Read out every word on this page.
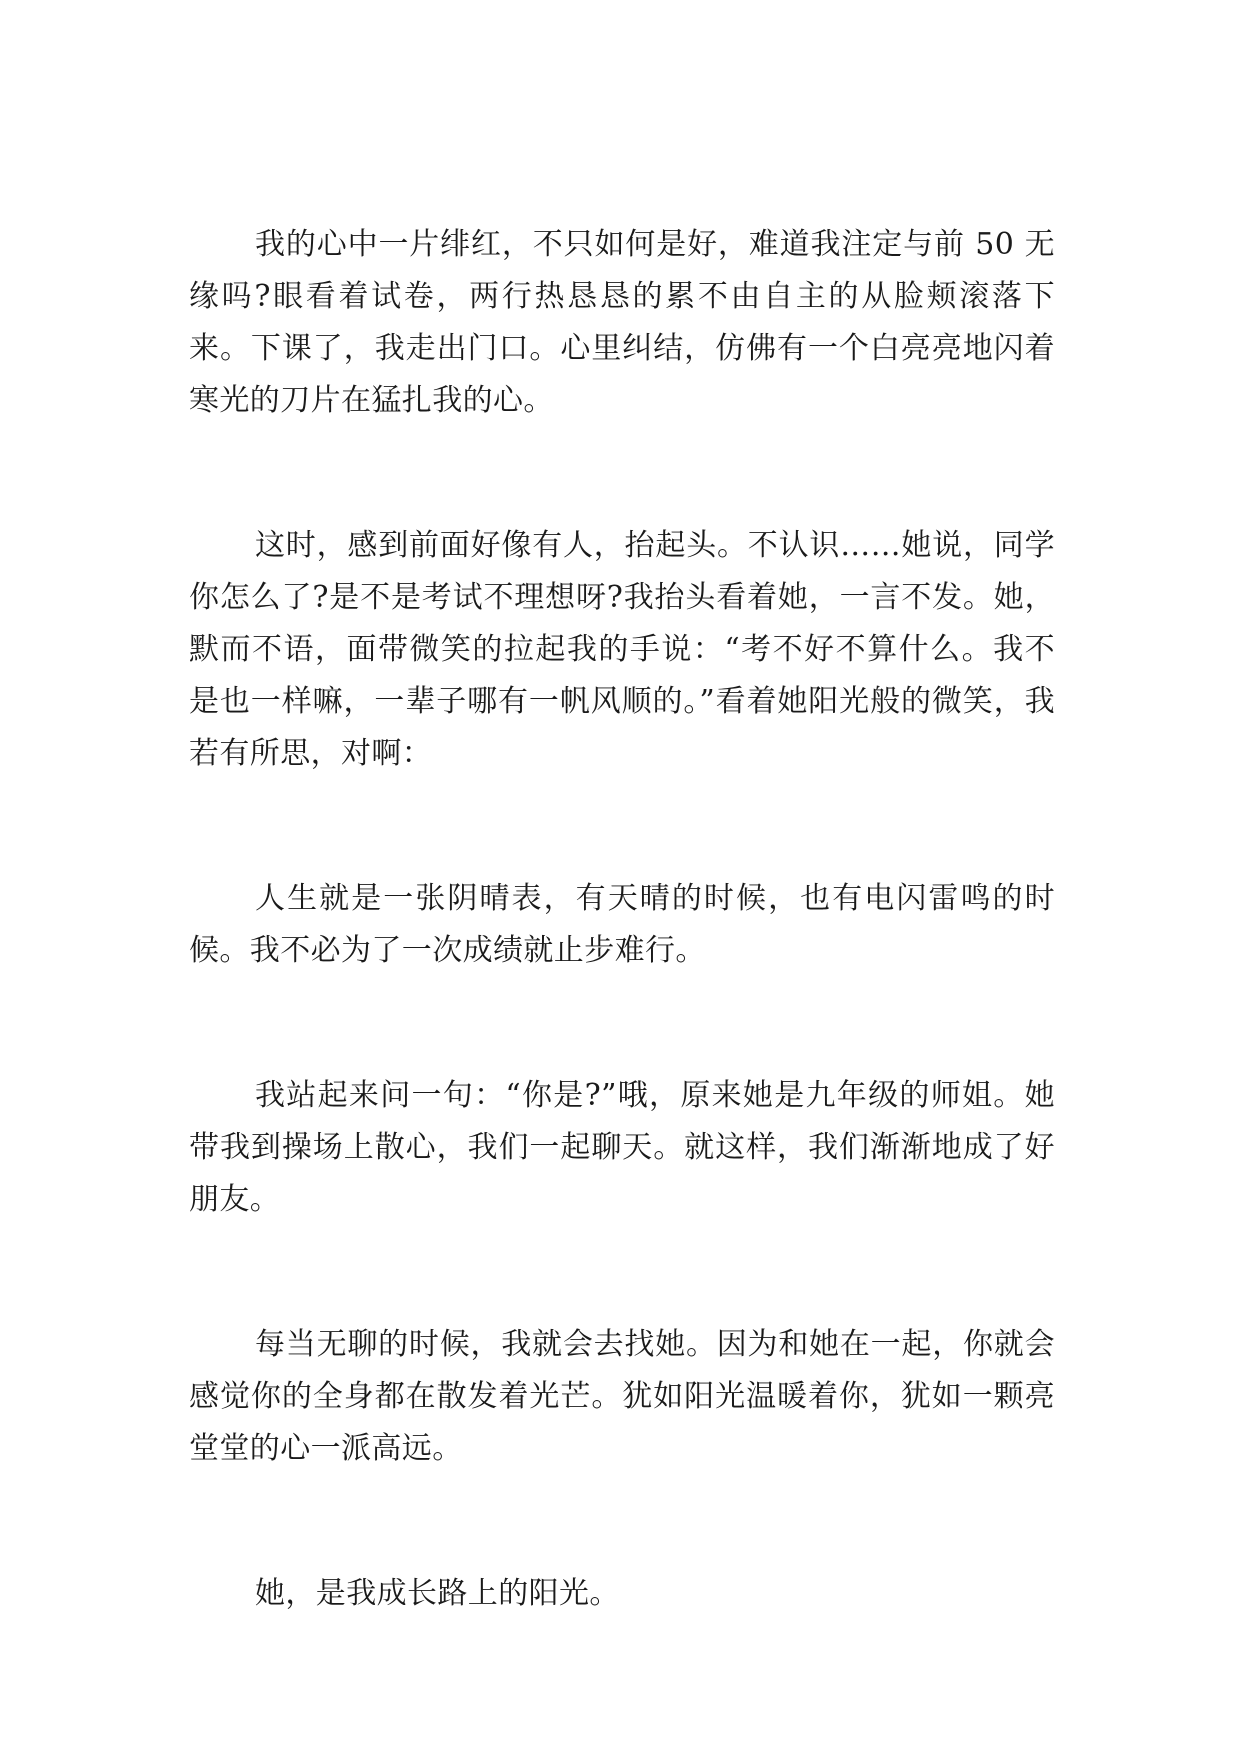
我的心中一片绯红，不只如何是好，难道我注定与前 50 无缘吗?眼看着试卷，两行热恳恳的累不由自主的从脸颊滚落下来。下课了，我走出门口。心里纠结，仿佛有一个白亮亮地闪着寒光的刀片在猛扎我的心。

这时，感到前面好像有人，抬起头。不认识……她说，同学你怎么了?是不是考试不理想呀?我抬头看着她，一言不发。她，默而不语，面带微笑的拉起我的手说：“考不好不算什么。我不是也一样嘛，一辈子哪有一帆风顺的。”看着她阳光般的微笑，我若有所思，对啊：

人生就是一张阴晴表，有天晴的时候，也有电闪雷鸣的时候。我不必为了一次成绩就止步难行。

我站起来问一句：“你是?”哦，原来她是九年级的师姐。她带我到操场上散心，我们一起聊天。就这样，我们渐渐地成了好朋友。

每当无聊的时候，我就会去找她。因为和她在一起，你就会感觉你的全身都在散发着光芒。犹如阳光温暖着你，犹如一颗亮堂堂的心一派高远。

她，是我成长路上的阳光。
